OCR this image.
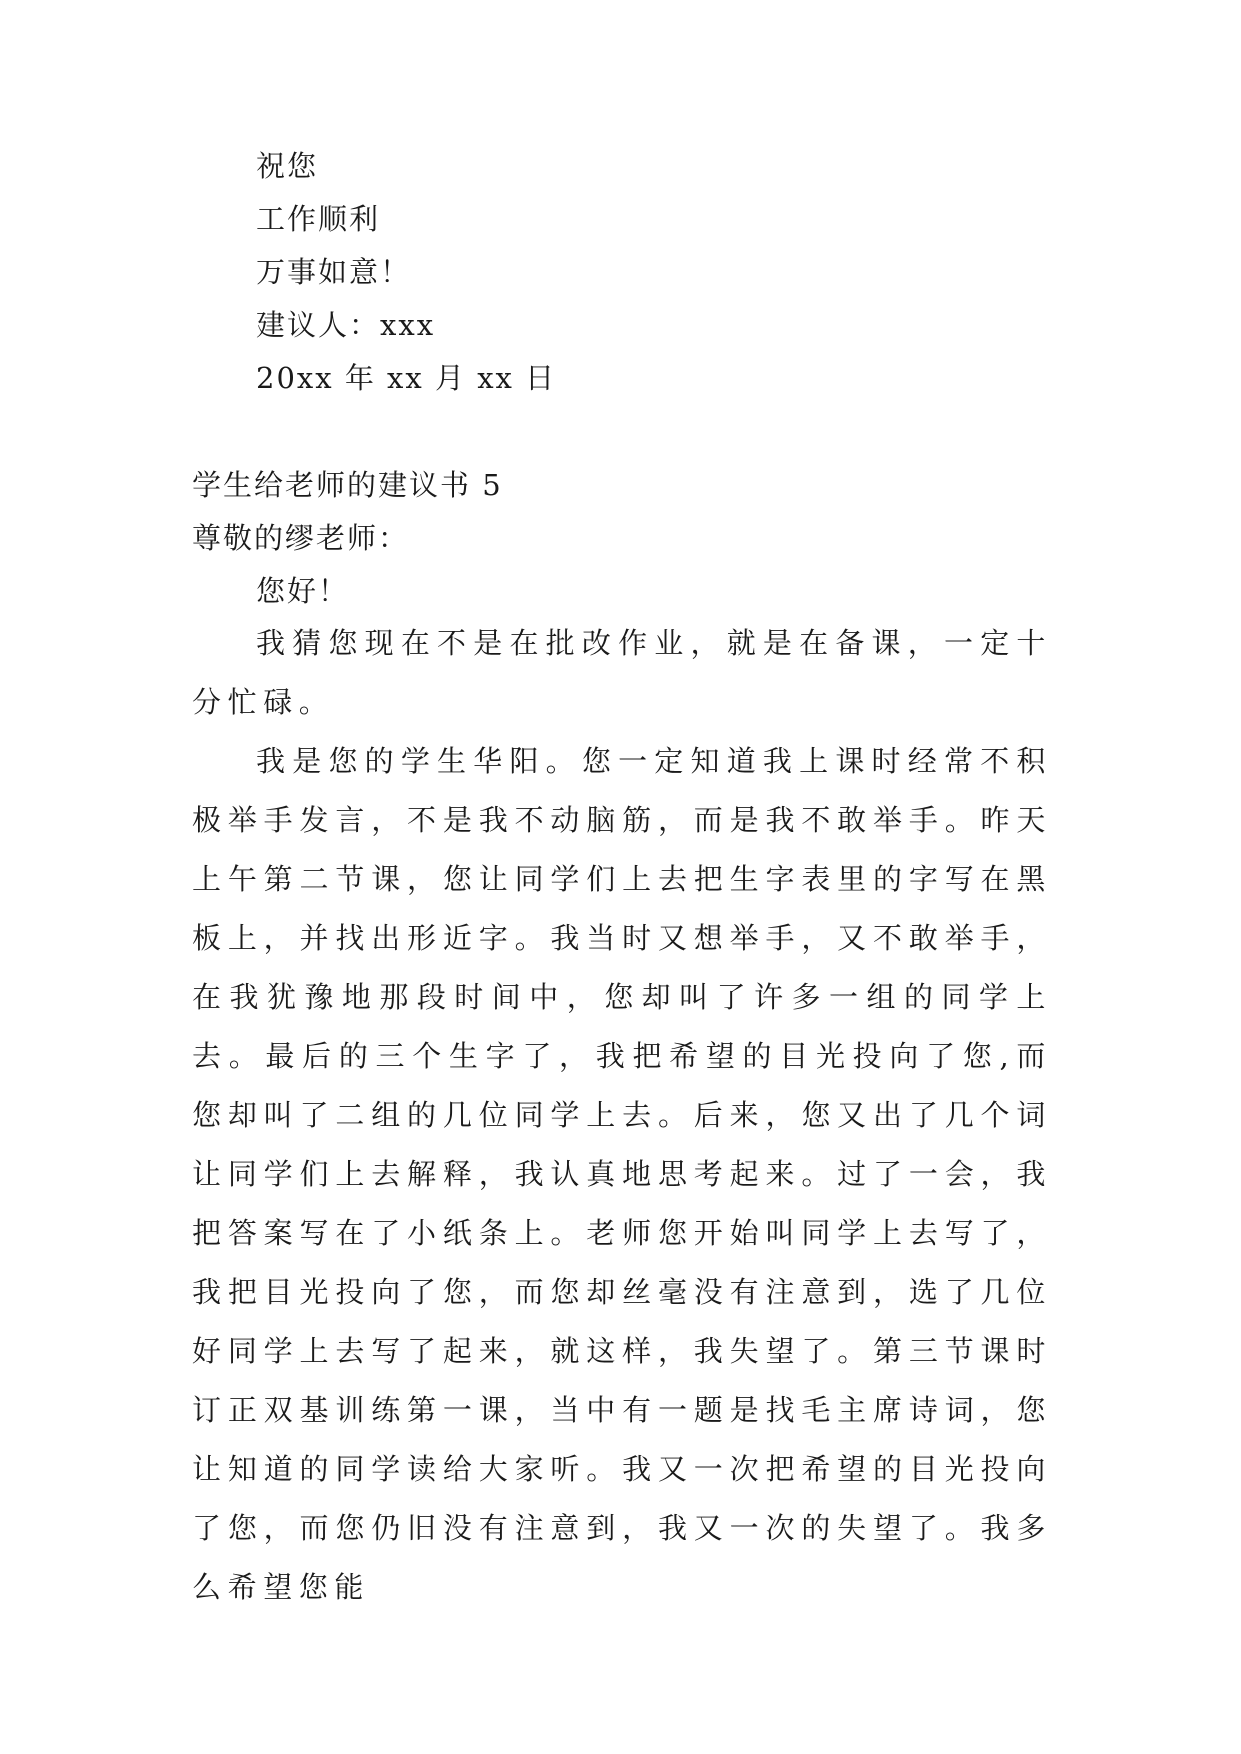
祝您
工作顺利
万事如意！
建议人：xxx
20xx 年 xx 月 xx 日
学生给老师的建议书 5
尊敬的缪老师：
您好！

我猜您现在不是在批改作业，就是在备课，一定十分忙碌。

我是您的学生华阳。您一定知道我上课时经常不积极举手发言，不是我不动脑筋，而是我不敢举手。昨天上午第二节课，您让同学们上去把生字表里的字写在黑板上，并找出形近字。我当时又想举手，又不敢举手，在我犹豫地那段时间中，您却叫了许多一组的同学上去。最后的三个生字了，我把希望的目光投向了您,而您却叫了二组的几位同学上去。后来，您又出了几个词让同学们上去解释，我认真地思考起来。过了一会，我把答案写在了小纸条上。老师您开始叫同学上去写了，我把目光投向了您，而您却丝毫没有注意到，选了几位好同学上去写了起来，就这样，我失望了。第三节课时订正双基训练第一课，当中有一题是找毛主席诗词，您让知道的同学读给大家听。我又一次把希望的目光投向了您，而您仍旧没有注意到，我又一次的失望了。我多么希望您能
